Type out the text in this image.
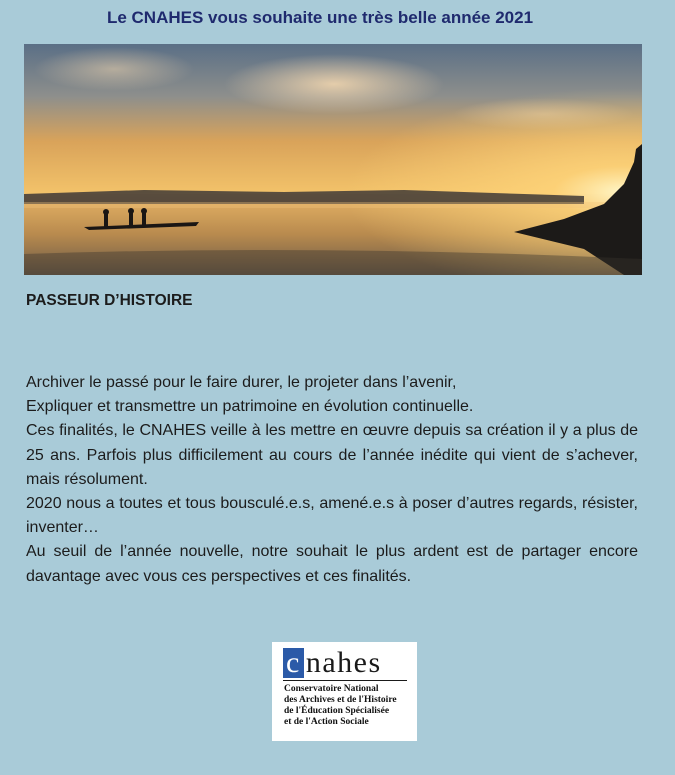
Le CNAHES vous souhaite une très belle année 2021
PASSEUR D’HISTOIRE

Archiver le passé pour le faire durer, le projeter dans l’avenir,

Expliquer et transmettre un patrimoine en évolution continuelle.

Ces finalités, le CNAHES veille à les mettre en œuvre depuis sa création il y a plus de 25 ans. Parfois plus difficilement au cours de l’année inédite qui vient de s’achever, mais résolument.

2020 nous a toutes et tous bousculé.e.s, amené.e.s à poser d’autres regards, résister, inventer…

Au seuil de l’année nouvelle, notre souhait le plus ardent est de partager encore davantage avec vous ces perspectives et ces finalités.

c nahes
Conservatoire National
des Archives et de l'Histoire
de l'Éducation Spécialisée
et de l'Action Sociale
